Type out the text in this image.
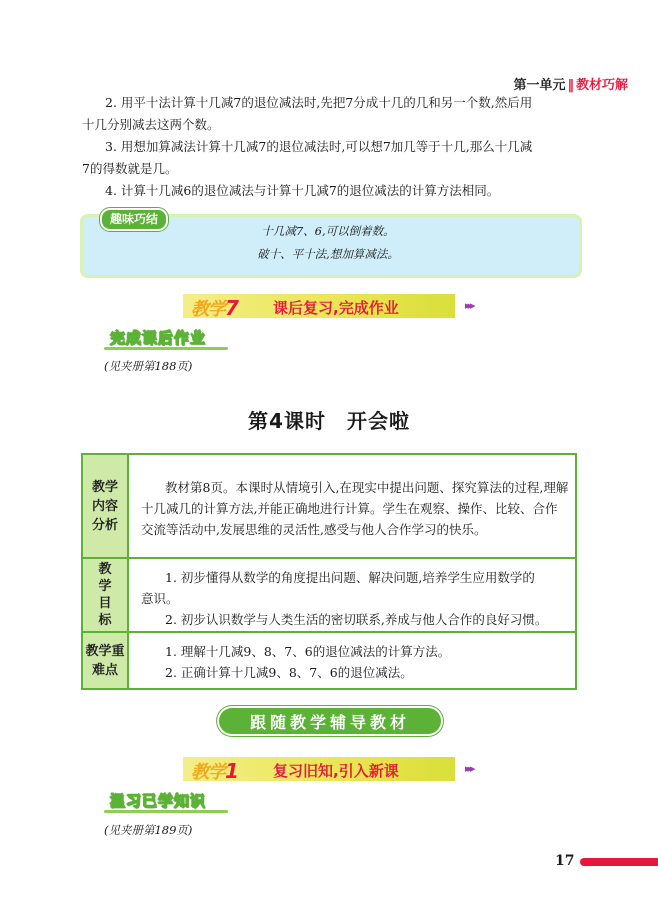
第一单元 ‖ 教材巧解
2. 用平十法计算十几减7的退位减法时,先把7分成十几的几和另一个数,然后用
十几分别减去这两个数。
3. 用想加算减法计算十几减7的退位减法时,可以想7加几等于十几,那么十几减
7的得数就是几。
4. 计算十几减6的退位减法与计算十几减7的退位减法的计算方法相同。
趣味巧结
十几减7、6,可以倒着数。
破十、平十法,想加算减法。
教学7 课后复习,完成作业	▸▸▸
完成课后作业
(见夹册第188页)
第4课时　开会啦
教学内容分析
教材第8页。本课时从情境引入,在现实中提出问题、探究算法的过程,理解十几减几的计算方法,并能正确地进行计算。学生在观察、操作、比较、合作交流等活动中,发展思维的灵活性,感受与他人合作学习的快乐。
教学目标
1. 初步懂得从数学的角度提出问题、解决问题,培养学生应用数学的
意识。
2. 初步认识数学与人类生活的密切联系,养成与他人合作的良好习惯。
教学重难点
1. 理解十几减9、8、7、6的退位减法的计算方法。
2. 正确计算十几减9、8、7、6的退位减法。
跟随教学辅导教材
教学1 复习旧知,引入新课	▸▸▸
温习已学知识
(见夹册第189页)
17
